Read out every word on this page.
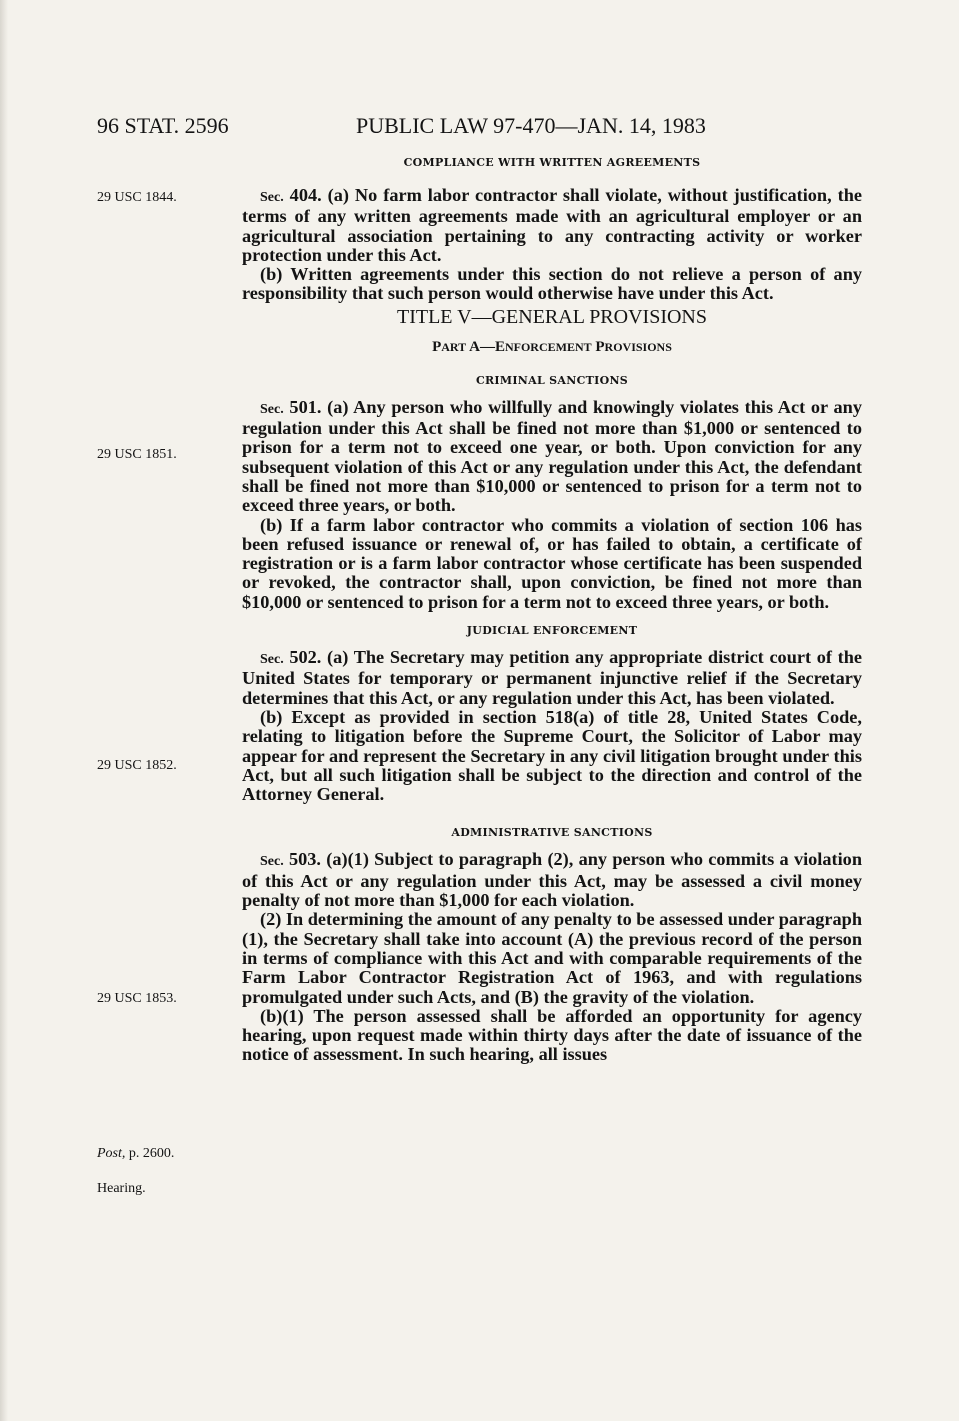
96 STAT. 2596	PUBLIC LAW 97-470—JAN. 14, 1983
29 USC 1844.
29 USC 1851.
29 USC 1852.
29 USC 1853.
Post, p. 2600.
Hearing.
COMPLIANCE WITH WRITTEN AGREEMENTS

Sec. 404. (a) No farm labor contractor shall violate, without justification, the terms of any written agreements made with an agricultural employer or an agricultural association pertaining to any contracting activity or worker protection under this Act.

(b) Written agreements under this section do not relieve a person of any responsibility that such person would otherwise have under this Act.

TITLE V—GENERAL PROVISIONS
PART A—ENFORCEMENT PROVISIONS
CRIMINAL SANCTIONS

Sec. 501. (a) Any person who willfully and knowingly violates this Act or any regulation under this Act shall be fined not more than $1,000 or sentenced to prison for a term not to exceed one year, or both. Upon conviction for any subsequent violation of this Act or any regulation under this Act, the defendant shall be fined not more than $10,000 or sentenced to prison for a term not to exceed three years, or both.

(b) If a farm labor contractor who commits a violation of section 106 has been refused issuance or renewal of, or has failed to obtain, a certificate of registration or is a farm labor contractor whose certificate has been suspended or revoked, the contractor shall, upon conviction, be fined not more than $10,000 or sentenced to prison for a term not to exceed three years, or both.

JUDICIAL ENFORCEMENT

Sec. 502. (a) The Secretary may petition any appropriate district court of the United States for temporary or permanent injunctive relief if the Secretary determines that this Act, or any regulation under this Act, has been violated.

(b) Except as provided in section 518(a) of title 28, United States Code, relating to litigation before the Supreme Court, the Solicitor of Labor may appear for and represent the Secretary in any civil litigation brought under this Act, but all such litigation shall be subject to the direction and control of the Attorney General.

ADMINISTRATIVE SANCTIONS

Sec. 503. (a)(1) Subject to paragraph (2), any person who commits a violation of this Act or any regulation under this Act, may be assessed a civil money penalty of not more than $1,000 for each violation.

(2) In determining the amount of any penalty to be assessed under paragraph (1), the Secretary shall take into account (A) the previous record of the person in terms of compliance with this Act and with comparable requirements of the Farm Labor Contractor Registration Act of 1963, and with regulations promulgated under such Acts, and (B) the gravity of the violation.

(b)(1) The person assessed shall be afforded an opportunity for agency hearing, upon request made within thirty days after the date of issuance of the notice of assessment. In such hearing, all issues
